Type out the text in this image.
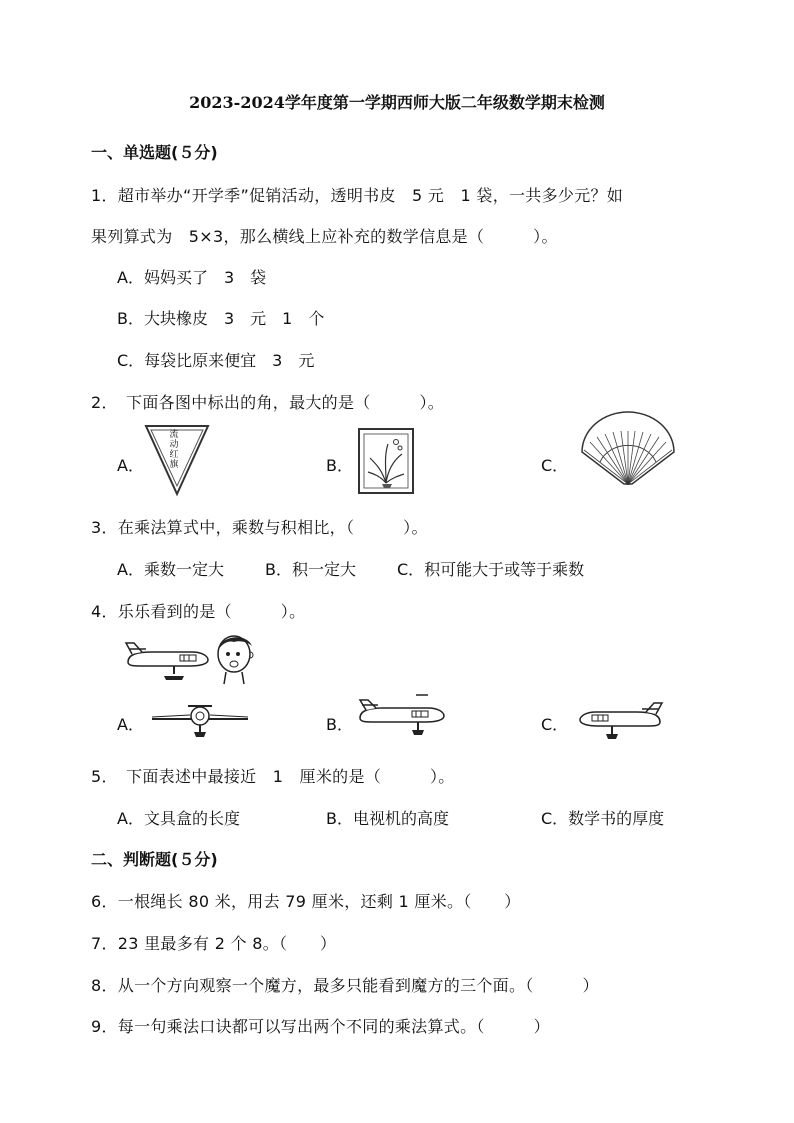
2023-2024学年度第一学期西师大版二年级数学期末检测
一、单选题(５分)
1．超市举办“开学季”促销活动，透明书皮　5 元　1 袋，一共多少元？如
果列算式为　5×3，那么横线上应补充的数学信息是（　　　）。
A．妈妈买了　3　袋
B．大块橡皮　3　元　1　个
C．每袋比原来便宜　3　元
2．　下面各图中标出的角，最大的是（　　　）。
A．
流
动
红
旗	B．	C．
3．在乘法算式中，乘数与积相比，（　　　）。
A．乘数一定大	B．积一定大	C．积可能大于或等于乘数
4．乐乐看到的是（　　　）。
A．	B．	C．
5．　下面表述中最接近　1　厘米的是（　　　）。
A．文具盒的长度	B．电视机的高度	C．数学书的厚度
二、判断题(５分)
6．一根绳长 80 米，用去 79 厘米，还剩 1 厘米。（　　）
7．23 里最多有 2 个 8。（　　）
8．从一个方向观察一个魔方，最多只能看到魔方的三个面。（　　　）
9．每一句乘法口诀都可以写出两个不同的乘法算式。（　　　）
